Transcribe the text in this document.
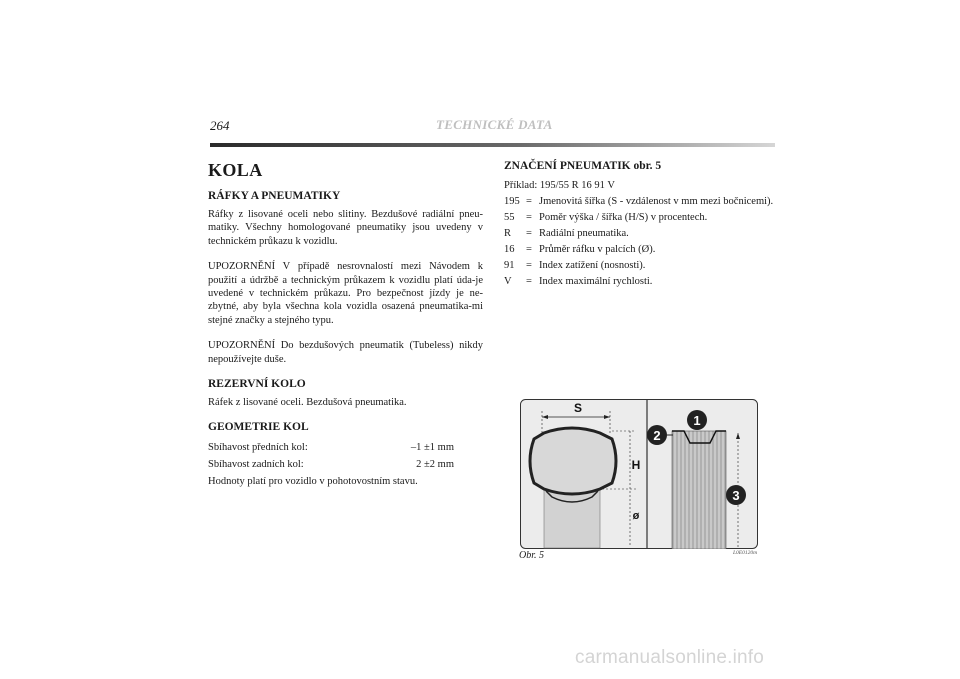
264	TECHNICKÉ DATA
KOLA
RÁFKY A PNEUMATIKY

Ráfky z lisované oceli nebo slitiny. Bezdušové radiální pneu-matiky. Všechny homologované pneumatiky jsou uvedeny v technickém průkazu k vozidlu.

UPOZORNĚNÍ V případě nesrovnalostí mezi Návodem k použití a údržbě a technickým průkazem k vozidlu platí úda-je uvedené v technickém průkazu. Pro bezpečnost jízdy je ne-zbytné, aby byla všechna kola vozidla osazená pneumatika-mi stejné značky a stejného typu.

UPOZORNĚNÍ Do bezdušových pneumatik (Tubeless) nikdy nepoužívejte duše.

REZERVNÍ KOLO

Ráfek z lisované oceli. Bezdušová pneumatika.

GEOMETRIE KOL
Sbíhavost předních kol:	–1 ±1 mm
Sbíhavost zadních kol:	2 ±2 mm
Hodnoty platí pro vozidlo v pohotovostním stavu.
ZNAČENÍ PNEUMATIK obr. 5
Příklad: 195/55 R 16 91 V
195 = Jmenovitá šířka (S - vzdálenost v mm mezi bočnicemi).
55	= Poměr výška / šířka (H/S) v procentech.
R	= Radiální pneumatika.
16	= Průměr ráfku v palcích (Ø).
91	= Index zatížení (nosnosti).
V	= Index maximální rychlosti.
S
H
ø
1
2
3
Obr. 5	L0E0120m
carmanualsonline.info
